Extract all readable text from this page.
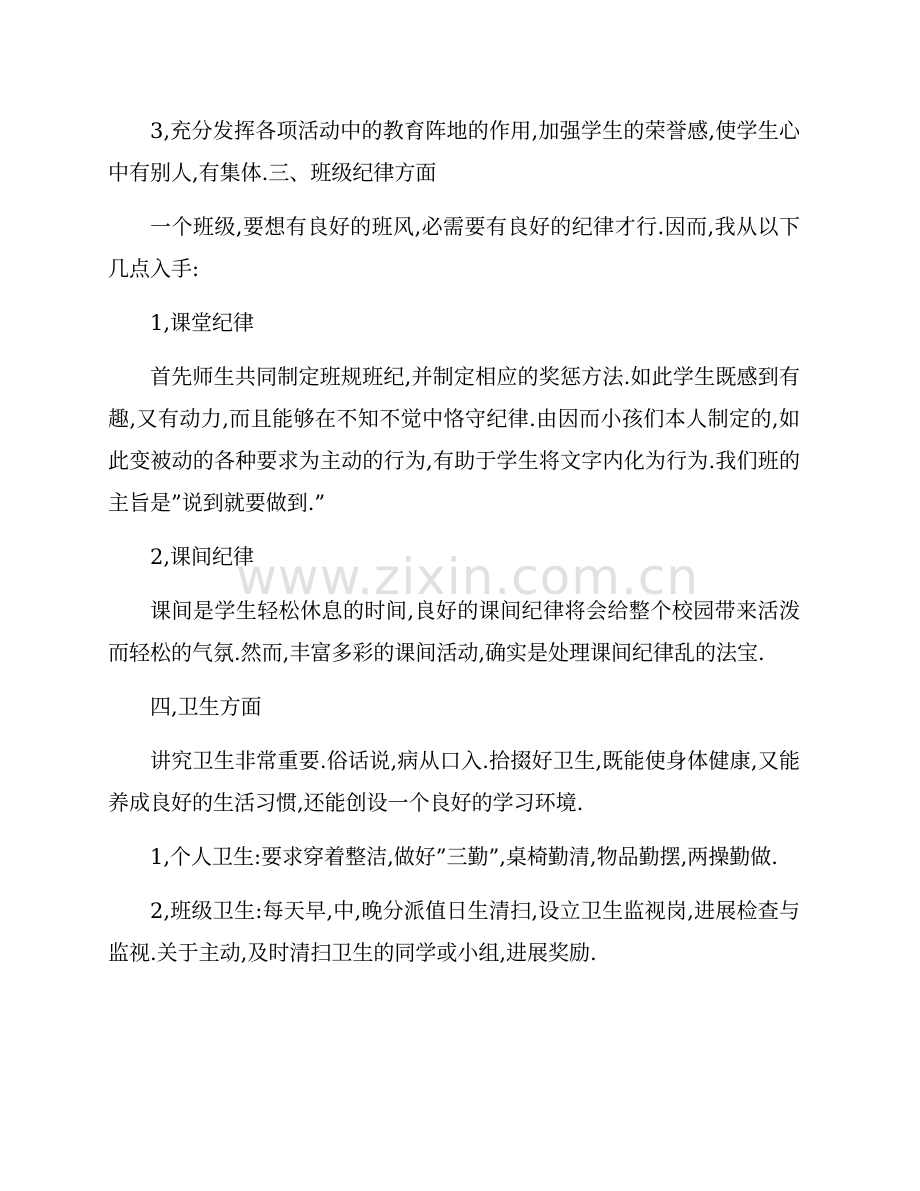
www.zixin.com.cn

3,充分发挥各项活动中的教育阵地的作用,加强学生的荣誉感,使学生心中有别人,有集体.三、班级纪律方面

一个班级,要想有良好的班风,必需要有良好的纪律才行.因而,我从以下几点入手:

1,课堂纪律

首先师生共同制定班规班纪,并制定相应的奖惩方法.如此学生既感到有趣,又有动力,而且能够在不知不觉中恪守纪律.由因而小孩们本人制定的,如此变被动的各种要求为主动的行为,有助于学生将文字内化为行为.我们班的主旨是”说到就要做到.”

2,课间纪律

课间是学生轻松休息的时间,良好的课间纪律将会给整个校园带来活泼而轻松的气氛.然而,丰富多彩的课间活动,确实是处理课间纪律乱的法宝.

四,卫生方面

讲究卫生非常重要.俗话说,病从口入.拾掇好卫生,既能使身体健康,又能养成良好的生活习惯,还能创设一个良好的学习环境.

1,个人卫生:要求穿着整洁,做好”三勤”,桌椅勤清,物品勤摆,两操勤做.

2,班级卫生:每天早,中,晚分派值日生清扫,设立卫生监视岗,进展检查与监视.关于主动,及时清扫卫生的同学或小组,进展奖励.
